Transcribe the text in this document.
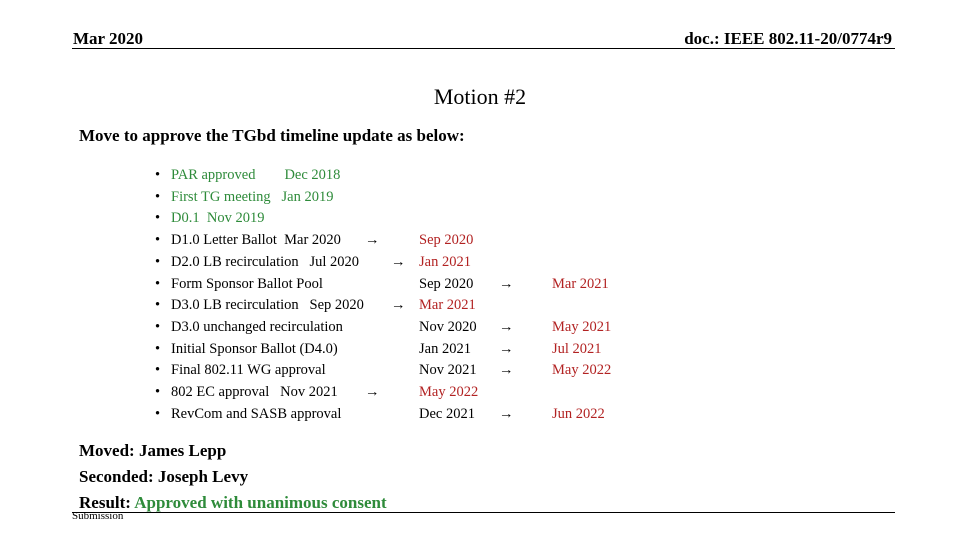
Mar 2020	doc.: IEEE 802.11-20/0774r9
Motion #2
Move to approve the TGbd timeline update as below:
• PAR approved        Dec 2018
• First TG meeting   Jan 2019
• D0.1  Nov 2019
• D1.0 Letter Ballot  Mar 2020 →	Sep 2020
• D2.0 LB recirculation   Jul 2020 → Jan 2021
• Form Sponsor Ballot Pool	Sep 2020 →	Mar 2021
• D3.0 LB recirculation   Sep 2020 → Mar 2021
• D3.0 unchanged recirculation	Nov 2020 →	May 2021
• Initial Sponsor Ballot (D4.0)	Jan 2021 →	Jul 2021
• Final 802.11 WG approval	Nov 2021 →	May 2022
• 802 EC approval   Nov 2021 →	May 2022
• RevCom and SASB approval	Dec 2021 →	Jun 2022
Moved: James Lepp
Seconded: Joseph Levy
Result: Approved with unanimous consent
Submission
